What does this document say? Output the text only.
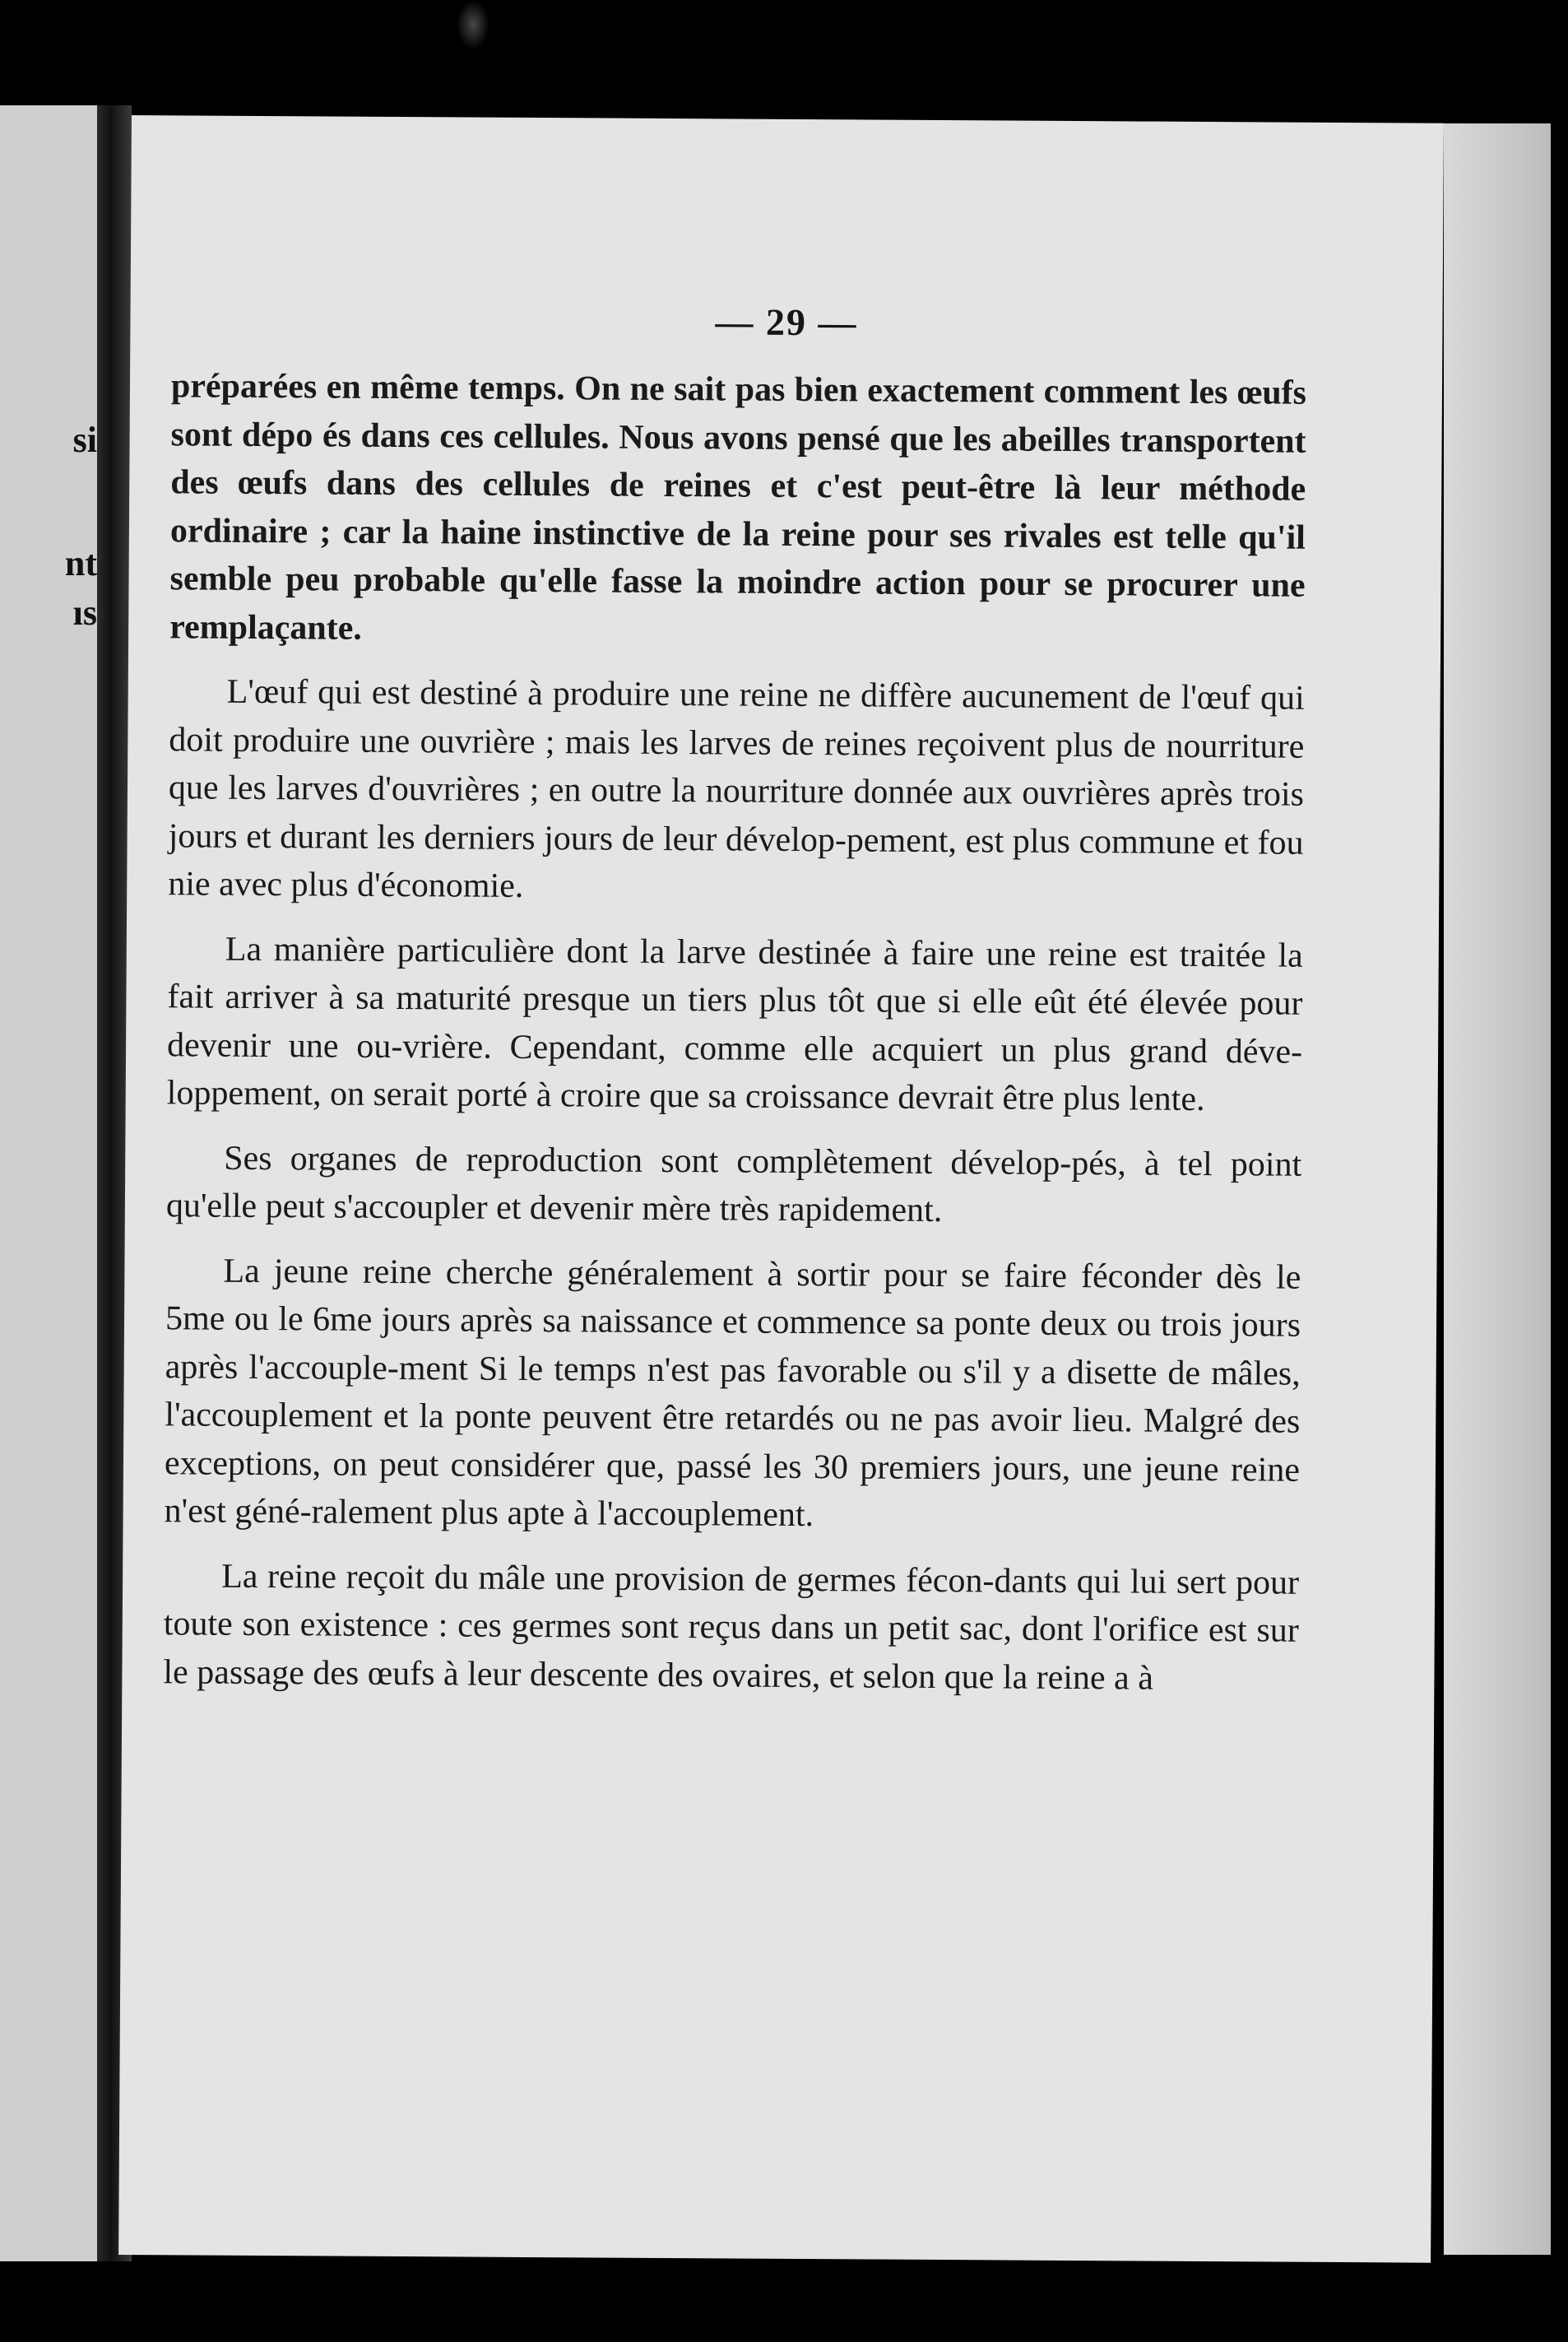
si
nt
ıs
— 29 —

préparées en même temps. On ne sait pas bien exactement comment les œufs sont dépo és dans ces cellules. Nous avons pensé que les abeilles transportent des œufs dans des cellules de reines et c'est peut-être là leur méthode ordinaire ; car la haine instinctive de la reine pour ses rivales est telle qu'il semble peu probable qu'elle fasse la moindre action pour se procurer une remplaçante.

L'œuf qui est destiné à produire une reine ne diffère aucunement de l'œuf qui doit produire une ouvrière ; mais les larves de reines reçoivent plus de nourriture que les larves d'ouvrières ; en outre la nourriture donnée aux ouvrières après trois jours et durant les derniers jours de leur dévelop-pement, est plus commune et fou nie avec plus d'économie.

La manière particulière dont la larve destinée à faire une reine est traitée la fait arriver à sa maturité presque un tiers plus tôt que si elle eût été élevée pour devenir une ou-vrière. Cependant, comme elle acquiert un plus grand déve-loppement, on serait porté à croire que sa croissance devrait être plus lente.

Ses organes de reproduction sont complètement dévelop-pés, à tel point qu'elle peut s'accoupler et devenir mère très rapidement.

La jeune reine cherche généralement à sortir pour se faire féconder dès le 5me ou le 6me jours après sa naissance et commence sa ponte deux ou trois jours après l'accouple-ment Si le temps n'est pas favorable ou s'il y a disette de mâles, l'accouplement et la ponte peuvent être retardés ou ne pas avoir lieu. Malgré des exceptions, on peut considérer que, passé les 30 premiers jours, une jeune reine n'est géné-ralement plus apte à l'accouplement.

La reine reçoit du mâle une provision de germes fécon-dants qui lui sert pour toute son existence : ces germes sont reçus dans un petit sac, dont l'orifice est sur le passage des œufs à leur descente des ovaires, et selon que la reine a à
